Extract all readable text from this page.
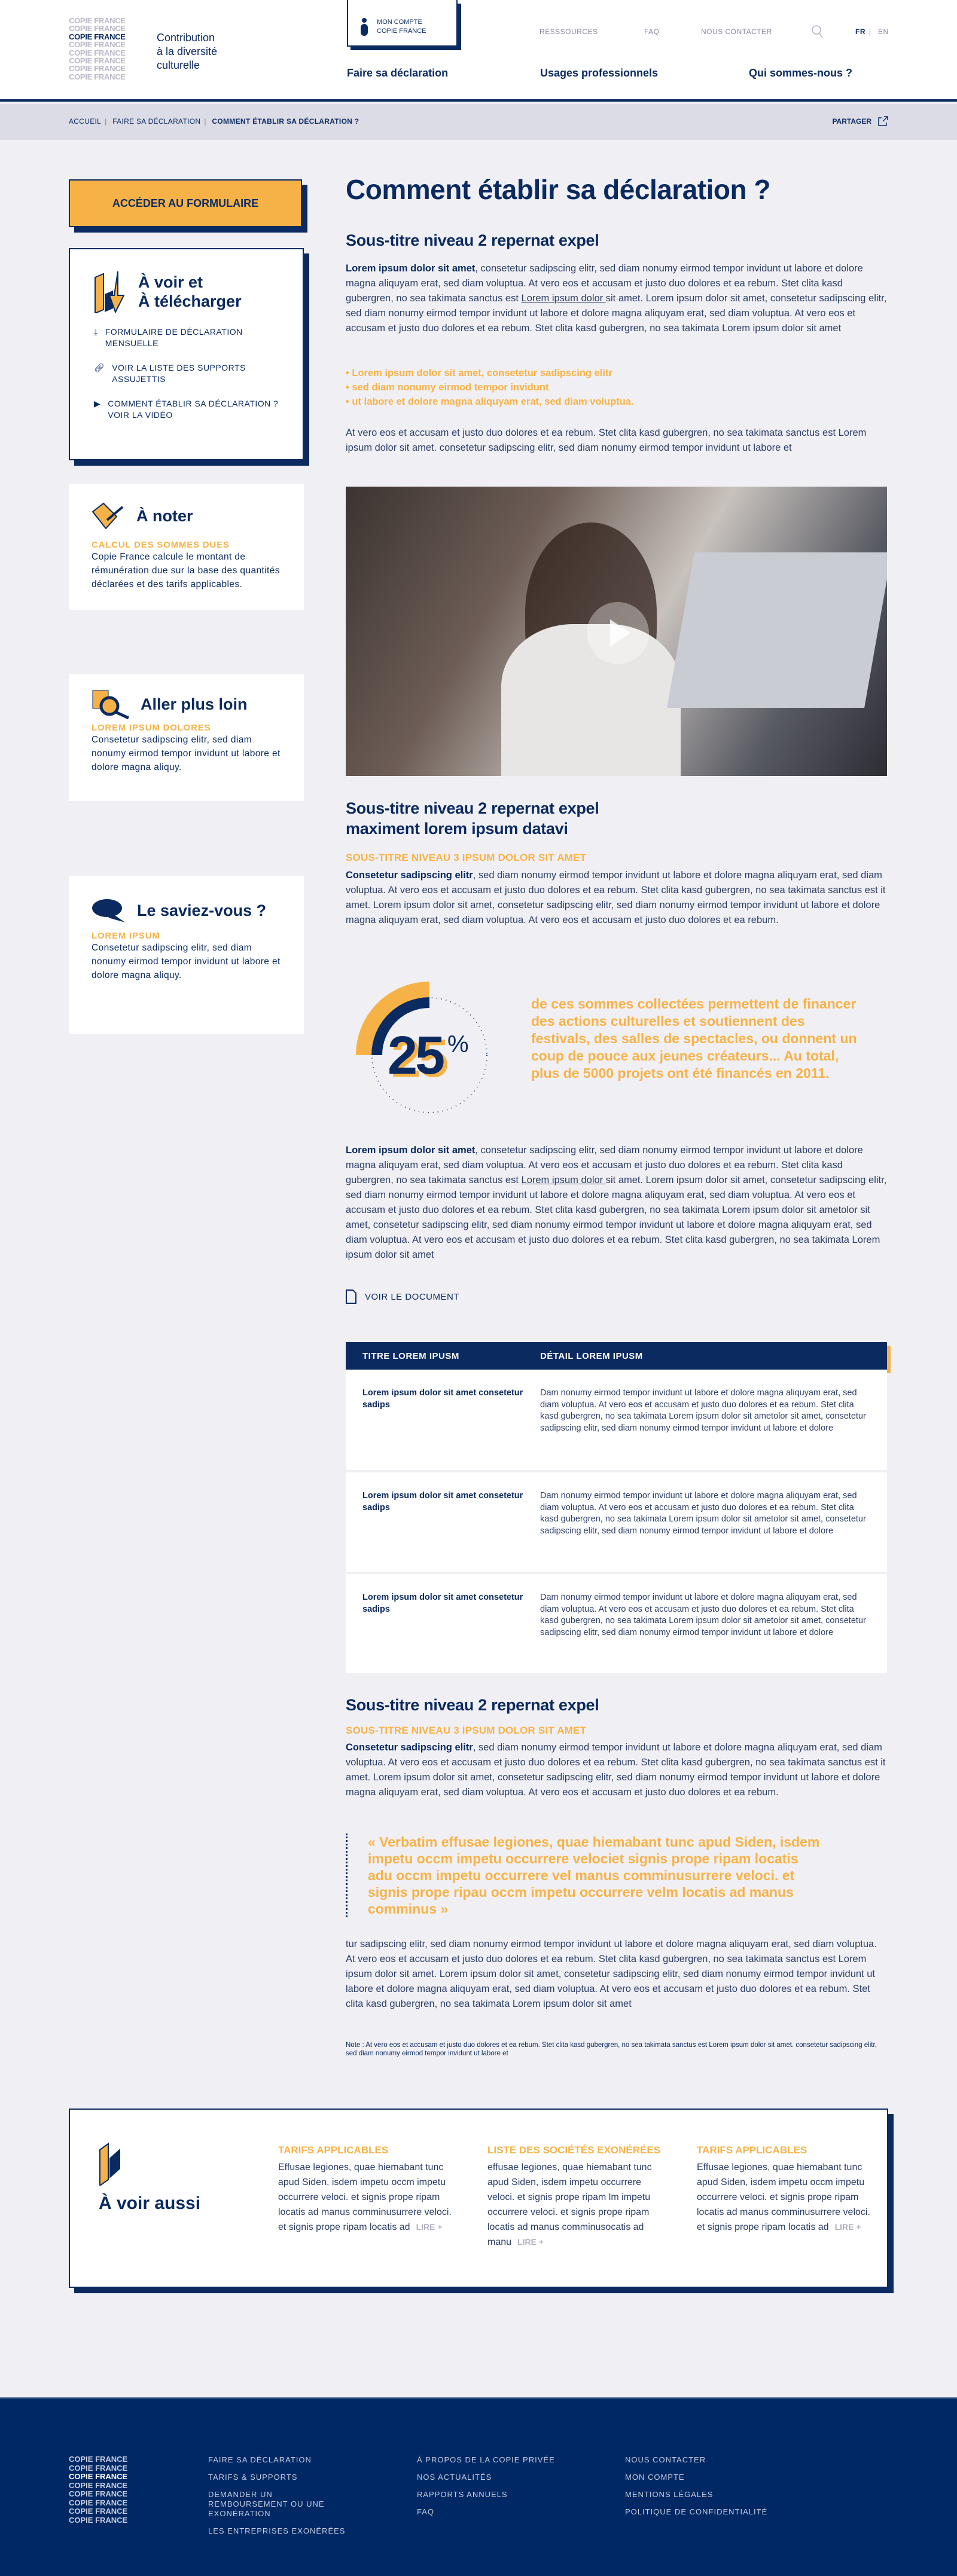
COPIE FRANCE
COPIE FRANCE
COPIE FRANCE
COPIE FRANCE
COPIE FRANCE
COPIE FRANCE
COPIE FRANCE
COPIE FRANCE
Contribution
à la diversité
culturelle
MON COMPTE
COPIE FRANCE	RESSSOURCES	FAQ	NOUS CONTACTER	FR | EN
Faire sa déclaration	Usages professionnels	Qui sommes-nous ?
ACCUEIL | FAIRE SA DÉCLARATION | COMMENT ÉTABLIR SA DÉCLARATION ?	PARTAGER
ACCÉDER AU FORMULAIRE
À voir et
À télécharger
⤓ FORMULAIRE DE DÉCLARATION MENSUELLE
🔗︎ VOIR LA LISTE DES SUPPORTS ASSUJETTIS
▶ COMMENT ÉTABLIR SA DÉCLARATION ? VOIR LA VIDÉO
À noter
CALCUL DES SOMMES DUES

Copie France calcule le montant de rémunération due sur la base des quantités déclarées et des tarifs applicables.

Aller plus loin
LOREM IPSUM DOLORES

Consetetur sadipscing elitr, sed diam nonumy eirmod tempor invidunt ut labore et dolore magna aliquy.

Le saviez-vous ?
LOREM IPSUM

Consetetur sadipscing elitr, sed diam nonumy eirmod tempor invidunt ut labore et dolore magna aliquy.

Comment établir sa déclaration ?
Sous-titre niveau 2 repernat expel

Lorem ipsum dolor sit amet, consetetur sadipscing elitr, sed diam nonumy eirmod tempor invidunt ut labore et dolore magna aliquyam erat, sed diam voluptua. At vero eos et accusam et justo duo dolores et ea rebum. Stet clita kasd gubergren, no sea takimata sanctus est Lorem ipsum dolor sit amet. Lorem ipsum dolor sit amet, consetetur sadipscing elitr, sed diam nonumy eirmod tempor invidunt ut labore et dolore magna aliquyam erat, sed diam voluptua. At vero eos et accusam et justo duo dolores et ea rebum. Stet clita kasd gubergren, no sea takimata Lorem ipsum dolor sit amet

• Lorem ipsum dolor sit amet, consetetur sadipscing elitr
• sed diam nonumy eirmod tempor invidunt
• ut labore et dolore magna aliquyam erat, sed diam voluptua.

At vero eos et accusam et justo duo dolores et ea rebum. Stet clita kasd gubergren, no sea takimata sanctus est Lorem ipsum dolor sit amet. consetetur sadipscing elitr, sed diam nonumy eirmod tempor invidunt ut labore et

Sous-titre niveau 2 repernat expel maximent lorem ipsum datavi
SOUS-TITRE NIVEAU 3 IPSUM DOLOR SIT AMET

Consetetur sadipscing elitr, sed diam nonumy eirmod tempor invidunt ut labore et dolore magna aliquyam erat, sed diam voluptua. At vero eos et accusam et justo duo dolores et ea rebum. Stet clita kasd gubergren, no sea takimata sanctus est it amet. Lorem ipsum dolor sit amet, consetetur sadipscing elitr, sed diam nonumy eirmod tempor invidunt ut labore et dolore magna aliquyam erat, sed diam voluptua. At vero eos et accusam et justo duo dolores et ea rebum.

25 %

de ces sommes collectées permettent de financer des actions culturelles et soutiennent des festivals, des salles de spectacles, ou donnent un coup de pouce aux jeunes créateurs... Au total, plus de 5000 projets ont été financés en 2011.

Lorem ipsum dolor sit amet, consetetur sadipscing elitr, sed diam nonumy eirmod tempor invidunt ut labore et dolore magna aliquyam erat, sed diam voluptua. At vero eos et accusam et justo duo dolores et ea rebum. Stet clita kasd gubergren, no sea takimata sanctus est Lorem ipsum dolor sit amet. Lorem ipsum dolor sit amet, consetetur sadipscing elitr, sed diam nonumy eirmod tempor invidunt ut labore et dolore magna aliquyam erat, sed diam voluptua. At vero eos et accusam et justo duo dolores et ea rebum. Stet clita kasd gubergren, no sea takimata Lorem ipsum dolor sit ametolor sit amet, consetetur sadipscing elitr, sed diam nonumy eirmod tempor invidunt ut labore et dolore magna aliquyam erat, sed diam voluptua. At vero eos et accusam et justo duo dolores et ea rebum. Stet clita kasd gubergren, no sea takimata Lorem ipsum dolor sit amet

VOIR LE DOCUMENT
TITRE LOREM IPUSM	DÉTAIL LOREM IPUSM
Lorem ipsum dolor sit amet consetetur sadips	Dam nonumy eirmod tempor invidunt ut labore et dolore magna aliquyam erat, sed diam voluptua. At vero eos et accusam et justo duo dolores et ea rebum. Stet clita kasd gubergren, no sea takimata Lorem ipsum dolor sit ametolor sit amet, consetetur sadipscing elitr, sed diam nonumy eirmod tempor invidunt ut labore et dolore
Lorem ipsum dolor sit amet consetetur sadips	Dam nonumy eirmod tempor invidunt ut labore et dolore magna aliquyam erat, sed diam voluptua. At vero eos et accusam et justo duo dolores et ea rebum. Stet clita kasd gubergren, no sea takimata Lorem ipsum dolor sit ametolor sit amet, consetetur sadipscing elitr, sed diam nonumy eirmod tempor invidunt ut labore et dolore
Lorem ipsum dolor sit amet consetetur sadips	Dam nonumy eirmod tempor invidunt ut labore et dolore magna aliquyam erat, sed diam voluptua. At vero eos et accusam et justo duo dolores et ea rebum. Stet clita kasd gubergren, no sea takimata Lorem ipsum dolor sit ametolor sit amet, consetetur sadipscing elitr, sed diam nonumy eirmod tempor invidunt ut labore et dolore
Sous-titre niveau 2 repernat expel
SOUS-TITRE NIVEAU 3 IPSUM DOLOR SIT AMET

Consetetur sadipscing elitr, sed diam nonumy eirmod tempor invidunt ut labore et dolore magna aliquyam erat, sed diam voluptua. At vero eos et accusam et justo duo dolores et ea rebum. Stet clita kasd gubergren, no sea takimata sanctus est it amet. Lorem ipsum dolor sit amet, consetetur sadipscing elitr, sed diam nonumy eirmod tempor invidunt ut labore et dolore magna aliquyam erat, sed diam voluptua. At vero eos et accusam et justo duo dolores et ea rebum.

« Verbatim effusae legiones, quae hiemabant tunc apud Siden, isdem impetu occm impetu occurrere velociet signis prope ripam locatis adu occm impetu occurrere vel manus comminusurrere veloci. et signis prope ripau occm impetu occurrere velm locatis ad manus comminus »

tur sadipscing elitr, sed diam nonumy eirmod tempor invidunt ut labore et dolore magna aliquyam erat, sed diam voluptua. At vero eos et accusam et justo duo dolores et ea rebum. Stet clita kasd gubergren, no sea takimata sanctus est Lorem ipsum dolor sit amet. Lorem ipsum dolor sit amet, consetetur sadipscing elitr, sed diam nonumy eirmod tempor invidunt ut labore et dolore magna aliquyam erat, sed diam voluptua. At vero eos et accusam et justo duo dolores et ea rebum. Stet clita kasd gubergren, no sea takimata Lorem ipsum dolor sit amet

Note : At vero eos et accusam et justo duo dolores et ea rebum. Stet clita kasd gubergren, no sea takimata sanctus est Lorem ipsum dolor sit amet. consetetur sadipscing elitr, sed diam nonumy eirmod tempor invidunt ut labore et

À voir aussi
TARIFS APPLICABLES

Effusae legiones, quae hiemabant tunc apud Siden, isdem impetu occm impetu occurrere veloci. et signis prope ripam locatis ad manus comminusurrere veloci. et signis prope ripam locatis ad LIRE +

LISTE DES SOCIÉTÉS EXONÉRÉES

effusae legiones, quae hiemabant tunc apud Siden, isdem impetu occurrere veloci. et signis prope ripam lm impetu occurrere veloci. et signis prope ripam locatis ad manus comminusocatis ad manu LIRE +

TARIFS APPLICABLES

Effusae legiones, quae hiemabant tunc apud Siden, isdem impetu occm impetu occurrere veloci. et signis prope ripam locatis ad manus comminusurrere veloci. et signis prope ripam locatis ad LIRE +

COPIE FRANCE
COPIE FRANCE
COPIE FRANCE
COPIE FRANCE
COPIE FRANCE
COPIE FRANCE
COPIE FRANCE
COPIE FRANCE
FAIRE SA DÉCLARATION
TARIFS & SUPPORTS
DEMANDER UN REMBOURSEMENT OU UNE EXONÉRATION
LES ENTREPRISES EXONÉRÉES
À PROPOS DE LA COPIE PRIVÉE
NOS ACTUALITÉS
RAPPORTS ANNUELS
FAQ
NOUS CONTACTER
MON COMPTE
MENTIONS LÉGALES
POLITIQUE DE CONFIDENTIALITÉ
